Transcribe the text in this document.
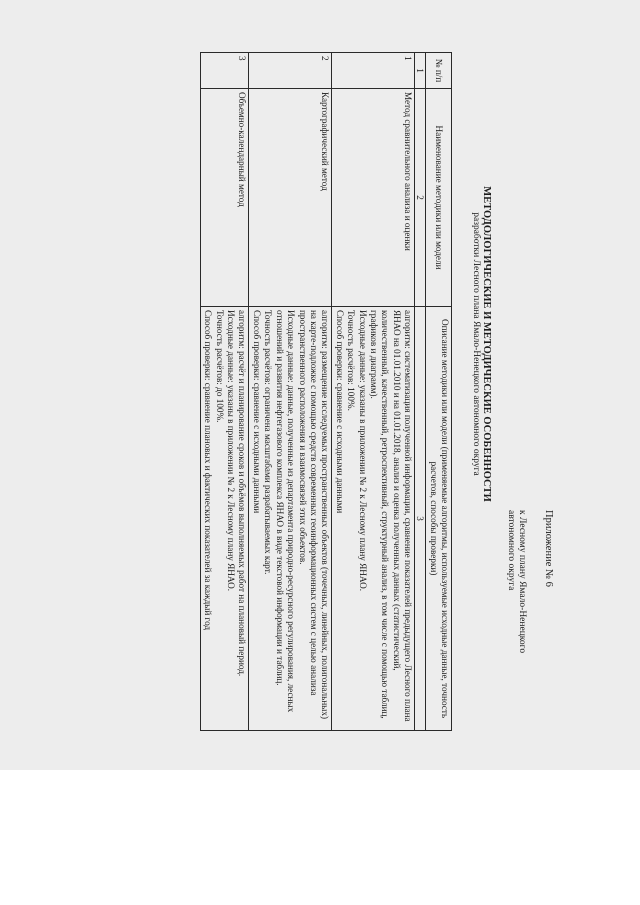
Приложение № 6
к Лесному плану Ямало-Ненецкого
автономного округа
МЕТОДОЛОГИЧЕСКИЕ И МЕТОДИЧЕСКИЕ ОСОБЕННОСТИ
разработки Лесного плана Ямало-Ненецкого автономного округа
№ п/п	Наименование методики или модели	Описание методики или модели (применяемые алгоритмы, используемые исходные данные, точность расчетов, способы проверки)
1	2	3
1	Метод сравнительного анализа и оценки	алгоритм: систематизация полученной информации, сравнение показателей предыдущего Лесного плана ЯНАО на 01.01.2010 и на 01.01.2018, анализ и оценка полученных данных (статистический, количественный, качественный, ретроспективный, структурный анализ, в том числе с помощью таблиц, графиков и диаграмм).
Исходные данные: указаны в приложении № 2 к Лесному плану ЯНАО.
Точность расчётов: 100%.
Способ проверки: сравнение с исходными данными

2	Картографический метод	алгоритм: размещение исследуемых пространственных объектов (точечных, линейных, полигональных) на карте-подложке с помощью средств современных геоинформационных систем с целью анализа пространственного расположения и взаимосвязей этих объектов.
Исходные данные: данные, полученные из департамента природно-ресурсного регулирования, лесных отношений и развития нефтегазового комплекса ЯНАО в виде текстовой информации и таблиц.
Точность расчётов: ограничена масштабами разрабатываемых карт.
Способ проверки: сравнение с исходными данными

3	Объемно-календарный метод	алгоритм: расчёт и планирование сроков и объёмов выполняемых работ на плановый период.
Исходные данные: указаны в приложении № 2 к Лесному плану ЯНАО.
Точность расчётов: до 100%.
Способ проверки: сравнение плановых и фактических показателей за каждый год
